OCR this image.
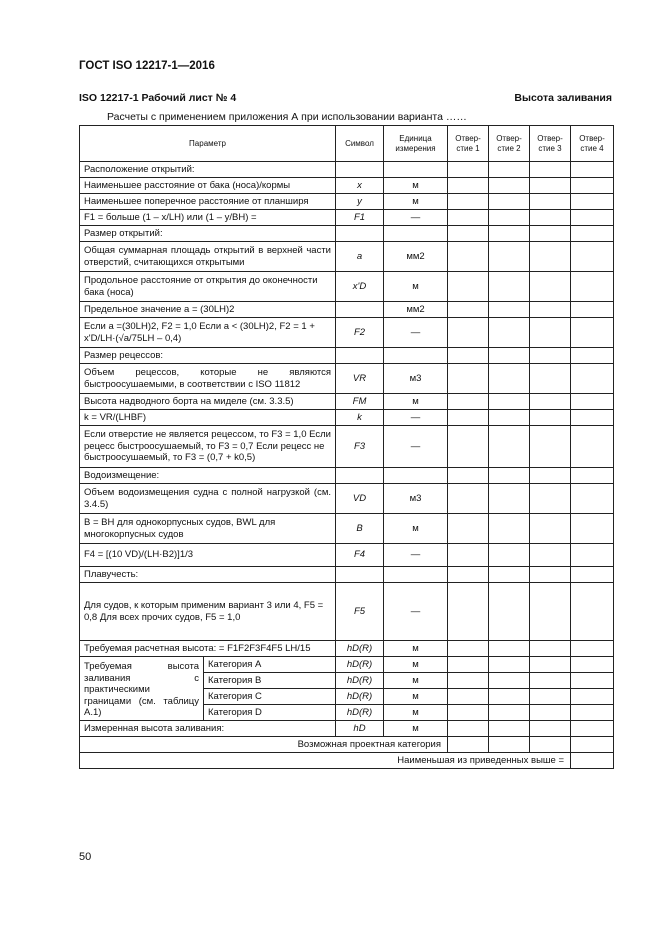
ГОСТ ISO 12217-1—2016
ISO 12217-1 Рабочий лист № 4	Высота заливания
Расчеты с применением приложения А при использовании варианта ……
Параметр		Символ	Единица измерения	Отвер-стие 1	Отвер-стие 2	Отвер-стие 3	Отвер-стие 4
Расположение открытий:							
Наименьшее расстояние от бака (носа)/кормы		x	м				
Наименьшее поперечное расстояние от планширя		y	м				
F1 = больше (1 – x/LH) или (1 – y/BH) =		F1	—				
Размер открытий:							
Общая суммарная площадь открытий в верхней части отверстий, считающихся открытыми		a	мм2				
Продольное расстояние от открытия до оконечности бака (носа)		x'D	м				
Предельное значение a = (30LH)2			мм2				
Если a =(30LH)2, F2 = 1,0 Если a < (30LH)2, F2 = 1 + x'D/LH·(√a/75LH – 0,4)		F2	—				
Размер рецессов:							
Объем рецессов, которые не являются быстроосушаемыми, в соответствии с ISO 11812		VR	м3				
Высота надводного борта на миделе (см. 3.3.5)		FM	м				
k = VR/(LHBF)		k	—				
Если отверстие не является рецессом, то F3 = 1,0 Если рецесс быстроосушаемый, то F3 = 0,7 Если рецесс не быстроосушаемый, то F3 = (0,7 + k0,5)		F3	—				
Водоизмещение:							
Объем водоизмещения судна с полной нагрузкой (см. 3.4.5)		VD	м3				
B = BH для однокорпусных судов, BWL для многокорпусных судов		B	м				
F4 = [(10 VD)/(LH·B2)]1/3		F4	—				
Плавучесть:							
Для судов, к которым применим вариант 3 или 4, F5 = 0,8 Для всех прочих судов, F5 = 1,0		F5	—				
Требуемая расчетная высота: = F1F2F3F4F5 LH/15		hD(R)	м				
Требуемая высота заливания с практическими границами (см. таблицу А.1)	Категория А	hD(R)	м				
	Категория В	hD(R)	м				
	Категория С	hD(R)	м				
	Категория D	hD(R)	м				
Измеренная высота заливания:		hD	м				
Возможная проектная категория							
Наименьшая из приведенных выше =							
50
